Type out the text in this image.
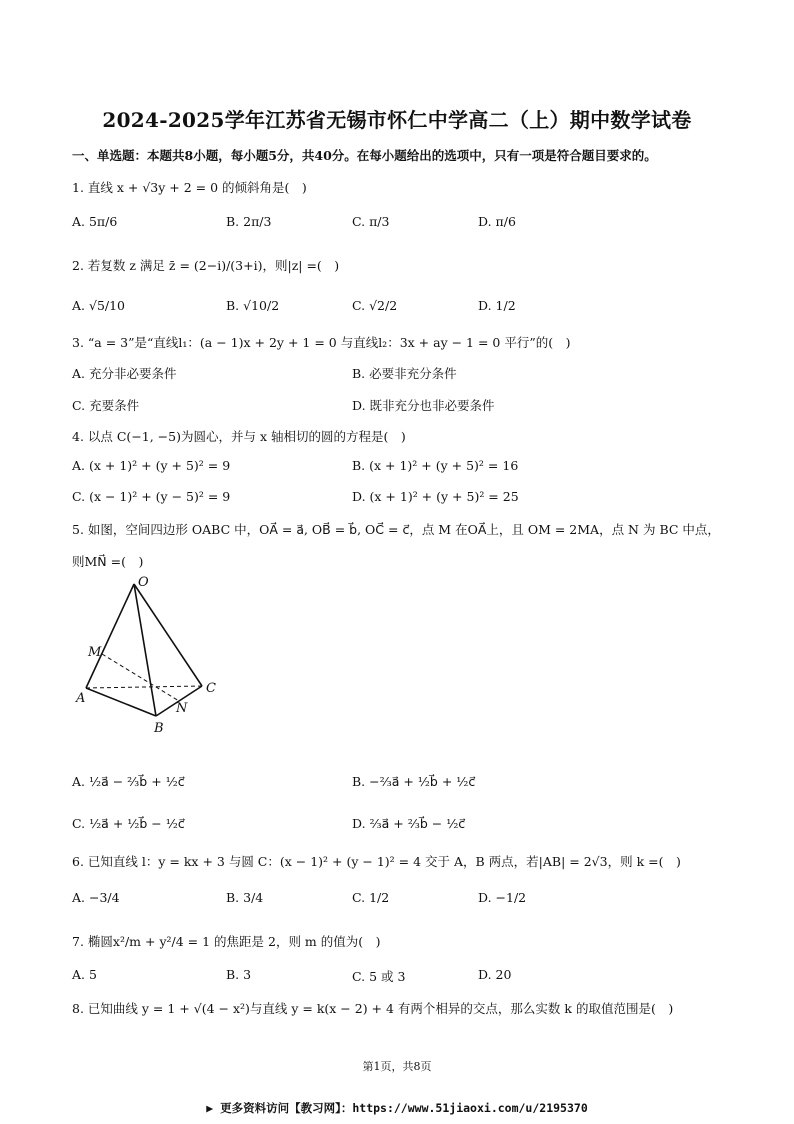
2024-2025学年江苏省无锡市怀仁中学高二（上）期中数学试卷
一、单选题：本题共8小题，每小题5分，共40分。在每小题给出的选项中，只有一项是符合题目要求的。
1. 直线 x + √3y + 2 = 0 的倾斜角是(　)
A. 5π/6	B. 2π/3	C. π/3	D. π/6
2. 若复数 z 满足 z̄ = (2−i)/(3+i)，则|z| =(　)
A. √5/10	B. √10/2	C. √2/2	D. 1/2
3. “a = 3”是“直线l₁：(a − 1)x + 2y + 1 = 0 与直线l₂：3x + ay − 1 = 0 平行”的(　)
A. 充分非必要条件	B. 必要非充分条件
C. 充要条件	D. 既非充分也非必要条件
4. 以点 C(−1, −5)为圆心，并与 x 轴相切的圆的方程是(　)
A. (x + 1)² + (y + 5)² = 9	B. (x + 1)² + (y + 5)² = 16
C. (x − 1)² + (y − 5)² = 9	D. (x + 1)² + (y + 5)² = 25
5. 如图，空间四边形 OABC 中，OA⃗ = a⃗, OB⃗ = b⃗, OC⃗ = c⃗，点 M 在OA⃗上，且 OM = 2MA，点 N 为 BC 中点，
则MN⃗ =(　)
O
M
A
B
C
N
A. ½a⃗ − ⅔b⃗ + ½c⃗	B. −⅔a⃗ + ½b⃗ + ½c⃗
C. ½a⃗ + ½b⃗ − ½c⃗	D. ⅔a⃗ + ⅔b⃗ − ½c⃗
6. 已知直线 l：y = kx + 3 与圆 C：(x − 1)² + (y − 1)² = 4 交于 A，B 两点，若|AB| = 2√3，则 k =(　)
A. −3/4	B. 3/4	C. 1/2	D. −1/2
7. 椭圆x²/m + y²/4 = 1 的焦距是 2，则 m 的值为(　)
A. 5	B. 3	C. 5 或 3	D. 20
8. 已知曲线 y = 1 + √(4 − x²)与直线 y = k(x − 2) + 4 有两个相异的交点，那么实数 k 的取值范围是(　)
第1页，共8页
▶ 更多资料访问【教习网】：https://www.51jiaoxi.com/u/2195370
